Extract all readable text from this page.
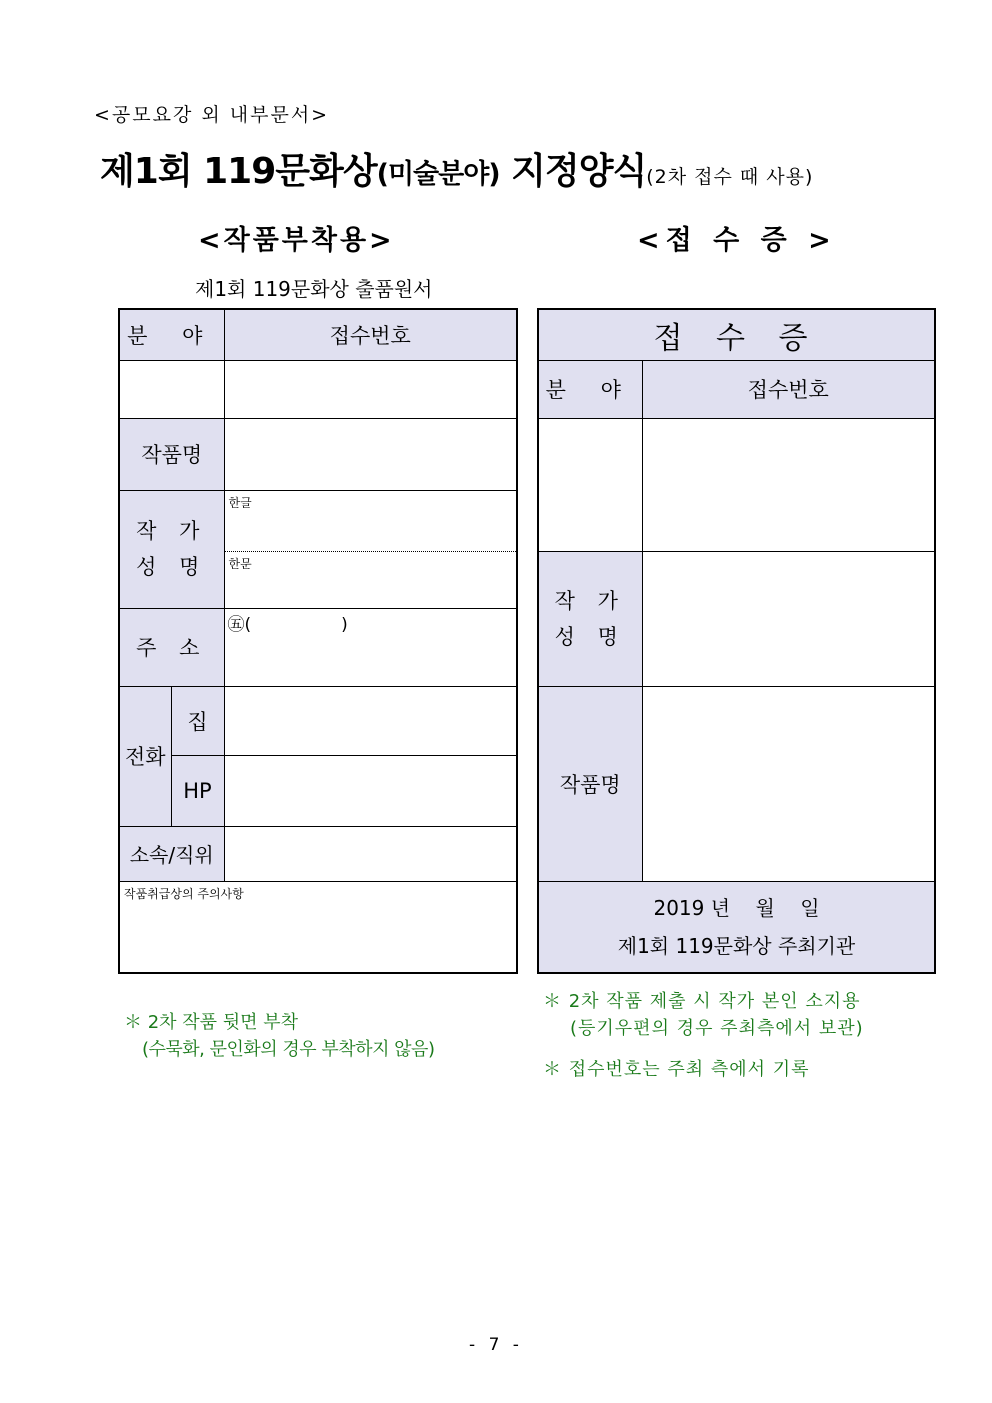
<공모요강 외 내부문서>
제1회 119문화상(미술분야) 지정양식(2차 접수 때 사용)
<작품부착용>	<접 수 증 >
제1회 119문화상 출품원서
분 야		접수번호

작품명		

작 가
성 명		한글
		한문
주 소		㊄( )
전화	집	
	HP	
소속/직위		
작품취급상의 주의사항		
접 수 증	
분 야	접수번호

작 가
성 명	

작품명	

2019 년    월    일
제1회 119문화상 주최기관	
＊ 2차 작품 뒷면 부착
(수묵화, 문인화의 경우 부착하지 않음)
＊ 2차 작품 제출 시 작가 본인 소지용
(등기우편의 경우 주최측에서 보관)
＊ 접수번호는 주최 측에서 기록
- 7 -
